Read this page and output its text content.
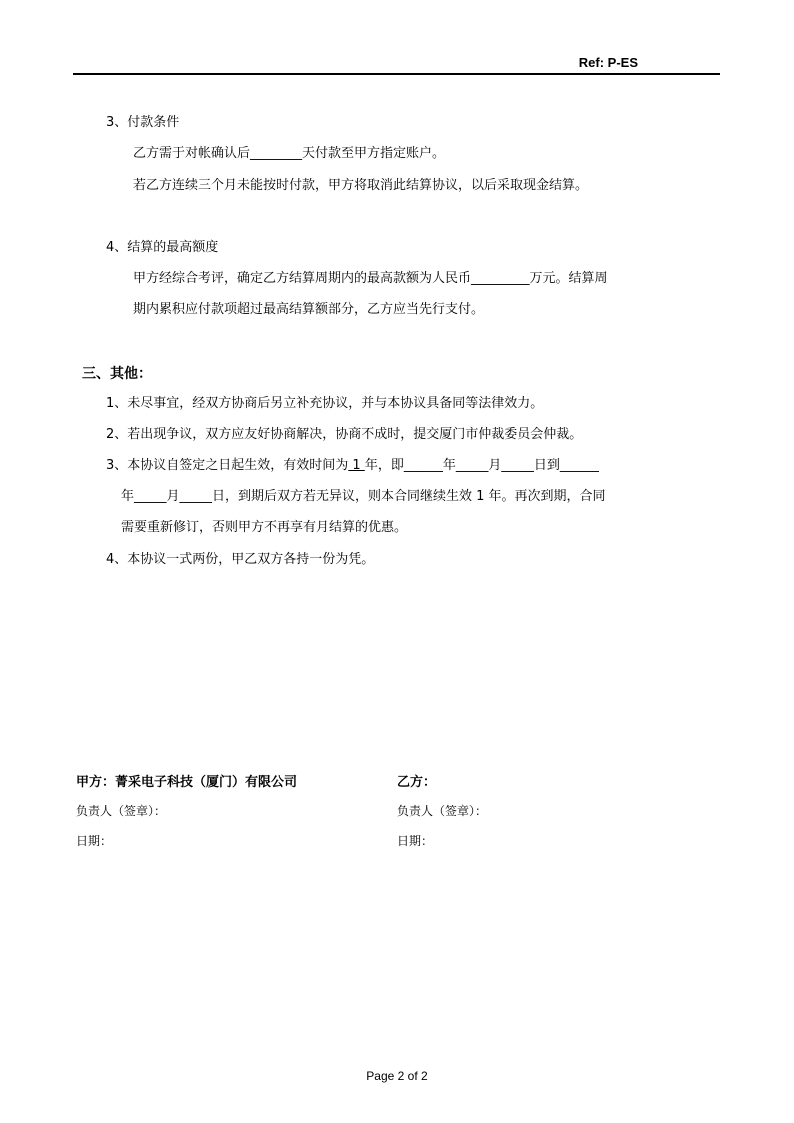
Ref: P-ES
3、付款条件
乙方需于对帐确认后________天付款至甲方指定账户。
若乙方连续三个月未能按时付款，甲方将取消此结算协议，以后采取现金结算。
4、结算的最高额度
甲方经综合考评，确定乙方结算周期内的最高款额为人民币_________万元。结算周
期内累积应付款项超过最高结算额部分，乙方应当先行支付。
三、其他：
1、未尽事宜，经双方协商后另立补充协议，并与本协议具备同等法律效力。
2、若出现争议，双方应友好协商解决，协商不成时，提交厦门市仲裁委员会仲裁。
3、本协议自签定之日起生效，有效时间为 1 年，即______年_____月_____日到______
年_____月_____日，到期后双方若无异议，则本合同继续生效 1 年。再次到期，合同
需要重新修订，否则甲方不再享有月结算的优惠。
4、本协议一式两份，甲乙双方各持一份为凭。
甲方：菁采电子科技（厦门）有限公司	乙方：
负责人（签章）：	负责人（签章）：
日期：	日期：
Page 2 of 2
